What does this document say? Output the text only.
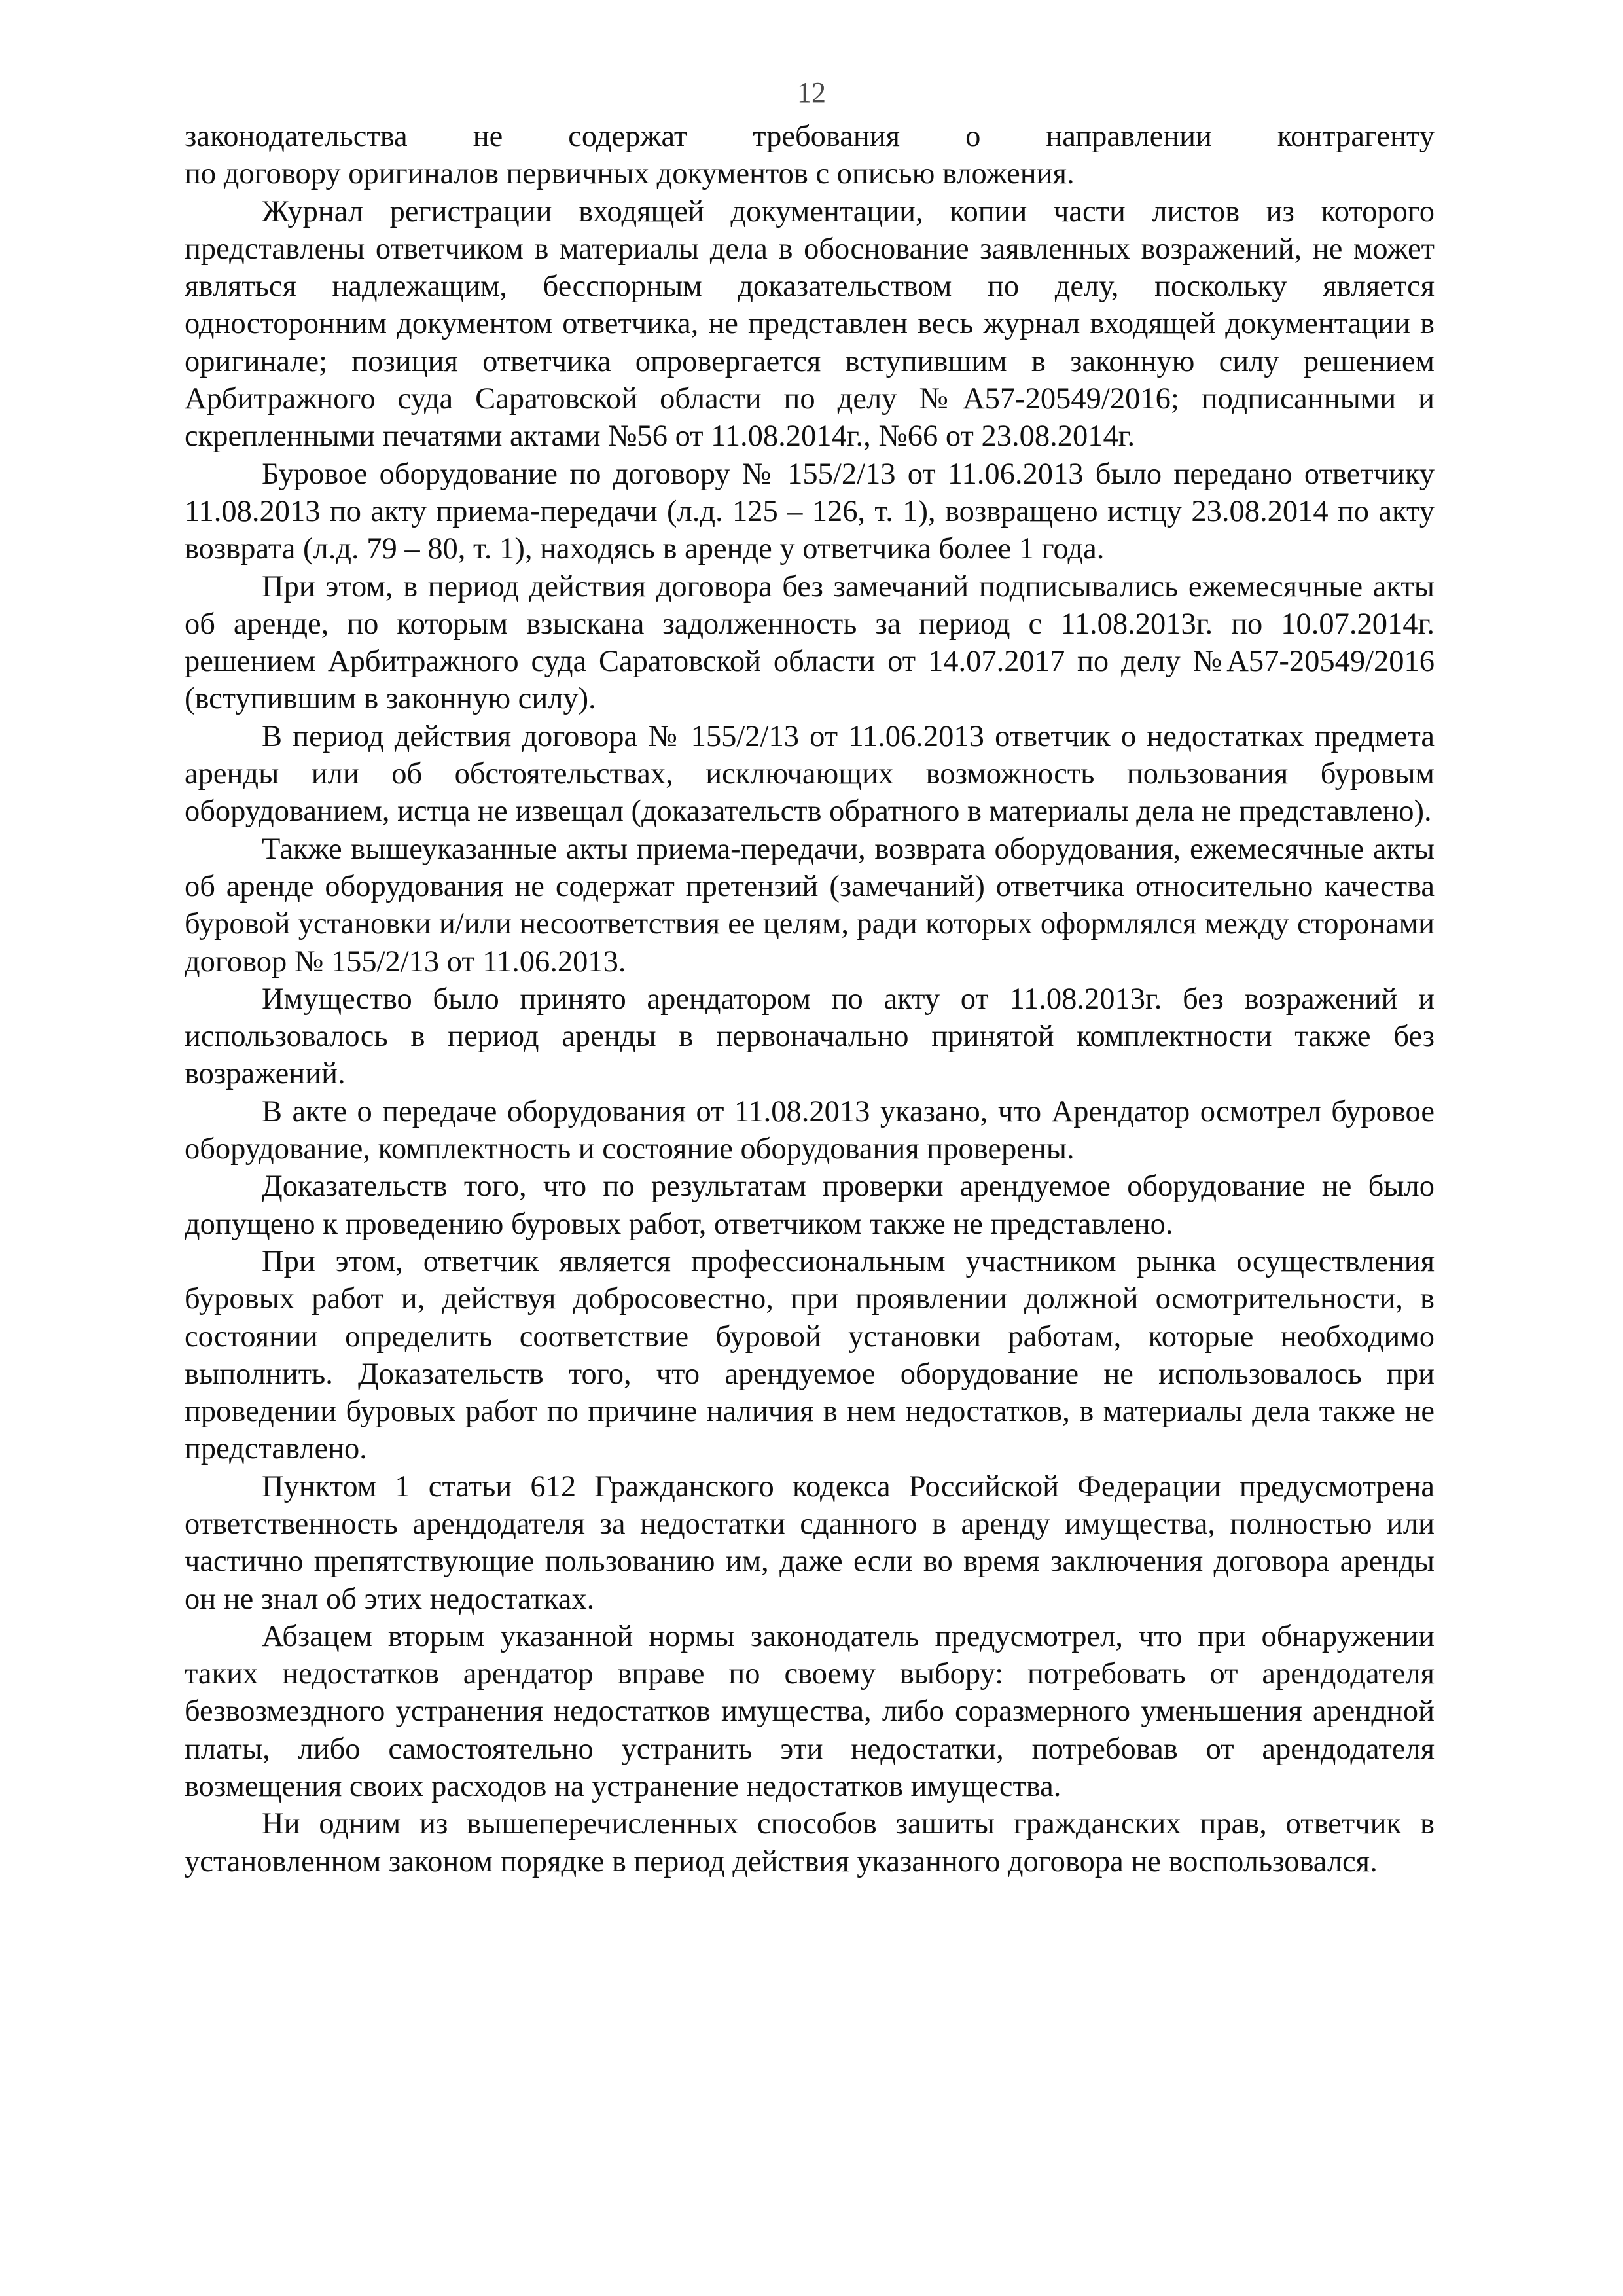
12

законодательства не содержат требования о направлении контрагенту

по договору оригиналов первичных документов с описью вложения.

Журнал регистрации входящей документации, копии части листов из которого представлены ответчиком в материалы дела в обоснование заявленных возражений, не может являться надлежащим, бесспорным доказательством по делу, поскольку является односторонним документом ответчика, не представлен весь журнал входящей документации в оригинале; позиция ответчика опровергается вступившим в законную силу решением Арбитражного суда Саратовской области по делу №А57-20549/2016; подписанными и скрепленными печатями актами №56 от 11.08.2014г., №66 от 23.08.2014г.

Буровое оборудование по договору № 155/2/13 от 11.06.2013 было передано ответчику 11.08.2013 по акту приема-передачи (л.д. 125 – 126, т. 1), возвращено истцу 23.08.2014 по акту возврата (л.д. 79 – 80, т. 1), находясь в аренде у ответчика более 1 года.

При этом, в период действия договора без замечаний подписывались ежемесячные акты об аренде, по которым взыскана задолженность за период с 11.08.2013г. по 10.07.2014г. решением Арбитражного суда Саратовской области от 14.07.2017 по делу №А57-20549/2016 (вступившим в законную силу).

В период действия договора № 155/2/13 от 11.06.2013 ответчик о недостатках предмета аренды или об обстоятельствах, исключающих возможность пользования буровым оборудованием, истца не извещал (доказательств обратного в материалы дела не представлено).

Также вышеуказанные акты приема-передачи, возврата оборудования, ежемесячные акты об аренде оборудования не содержат претензий (замечаний) ответчика относительно качества буровой установки и/или несоответствия ее целям, ради которых оформлялся между сторонами договор № 155/2/13 от 11.06.2013.

Имущество было принято арендатором по акту от 11.08.2013г. без возражений и использовалось в период аренды в первоначально принятой комплектности также без возражений.

В акте о передаче оборудования от 11.08.2013 указано, что Арендатор осмотрел буровое оборудование, комплектность и состояние оборудования проверены.

Доказательств того, что по результатам проверки арендуемое оборудование не было допущено к проведению буровых работ, ответчиком также не представлено.

При этом, ответчик является профессиональным участником рынка осуществления буровых работ и, действуя добросовестно, при проявлении должной осмотрительности, в состоянии определить соответствие буровой установки работам, которые необходимо выполнить. Доказательств того, что арендуемое оборудование не использовалось при проведении буровых работ по причине наличия в нем недостатков, в материалы дела также не представлено.

Пунктом 1 статьи 612 Гражданского кодекса Российской Федерации предусмотрена ответственность арендодателя за недостатки сданного в аренду имущества, полностью или частично препятствующие пользованию им, даже если во время заключения договора аренды он не знал об этих недостатках.

Абзацем вторым указанной нормы законодатель предусмотрел, что при обнаружении таких недостатков арендатор вправе по своему выбору: потребовать от арендодателя безвозмездного устранения недостатков имущества, либо соразмерного уменьшения арендной платы, либо самостоятельно устранить эти недостатки, потребовав от арендодателя возмещения своих расходов на устранение недостатков имущества.

Ни одним из вышеперечисленных способов зашиты гражданских прав, ответчик в установленном законом порядке в период действия указанного договора не воспользовался.
